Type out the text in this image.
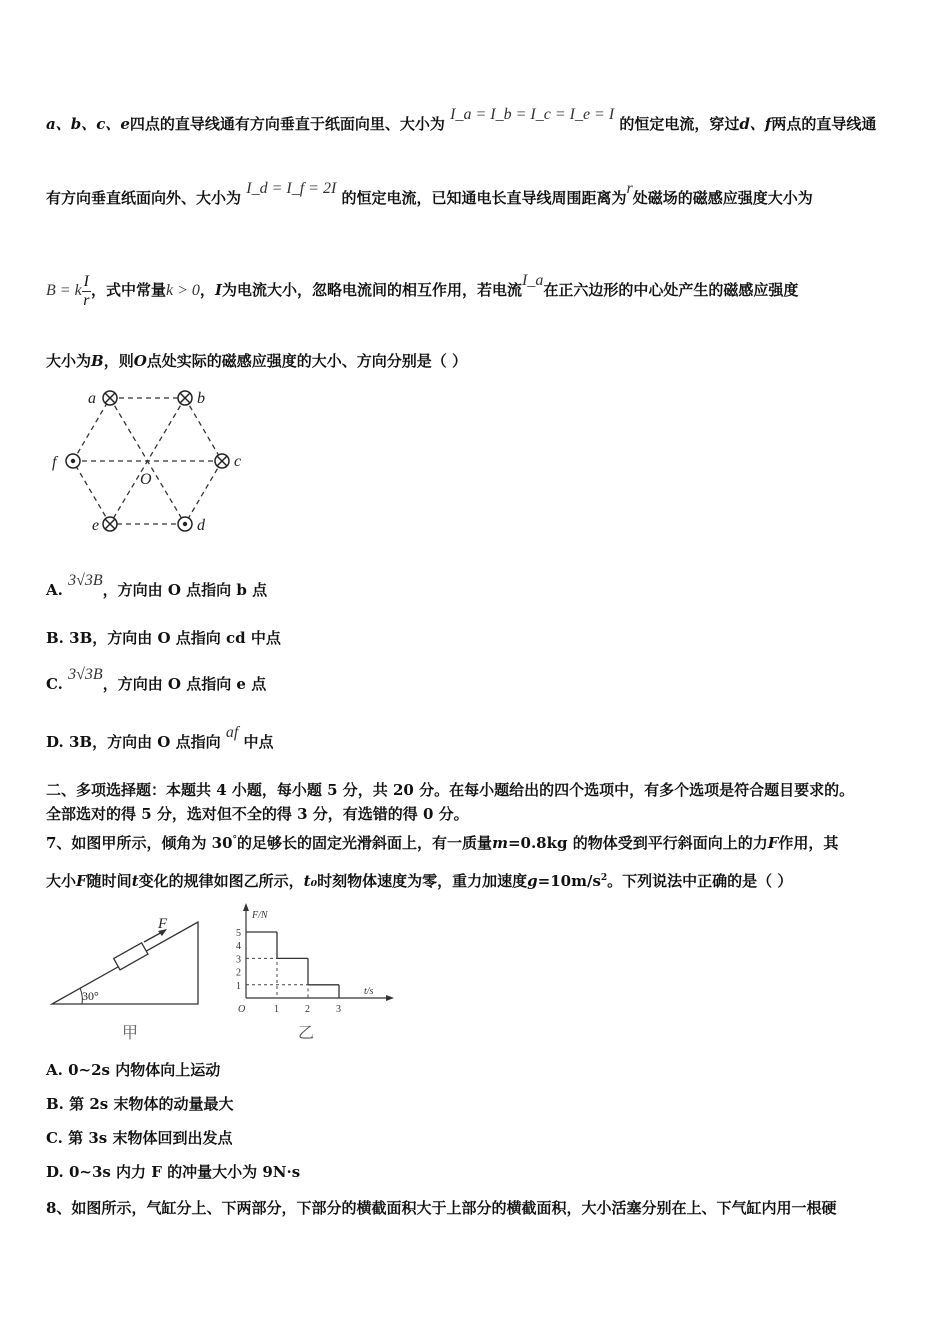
a、b、c、e四点的直导线通有方向垂直于纸面向里、大小为 I_a = I_b = I_c = I_e = I 的恒定电流，穿过d、f两点的直导线通
有方向垂直纸面向外、大小为 I_d = I_f = 2I 的恒定电流，已知通电长直导线周围距离为r处磁场的磁感应强度大小为
B = k $\frac{I}{r}$ ，式中常量k > 0，I为电流大小，忽略电流间的相互作用，若电流I_a在正六边形的中心处产生的磁感应强度
大小为B，则O点处实际的磁感应强度的大小、方向分别是（ ）
a	b
c
d
e
f
O
A. 3√3B，方向由 O 点指向 b 点
B. 3B，方向由 O 点指向 cd 中点
C. 3√3B，方向由 O 点指向 e 点
D. 3B，方向由 O 点指向 af 中点
二、多项选择题：本题共 4 小题，每小题 5 分，共 20 分。在每小题给出的四个选项中，有多个选项是符合题目要求的。
全部选对的得 5 分，选对但不全的得 3 分，有选错的得 0 分。
7、如图甲所示，倾角为 30°的足够长的固定光滑斜面上，有一质量m=0.8kg 的物体受到平行斜面向上的力F作用，其
大小F随时间t变化的规律如图乙所示，t₀时刻物体速度为零，重力加速度$g=10m/s^2$。下列说法中正确的是（ ）
F
30°
甲
1
2
3
4
5
1	2	3
F/N
t/s
O
乙
A. 0~2s 内物体向上运动
B. 第 2s 末物体的动量最大
C. 第 3s 末物体回到出发点
D. 0~3s 内力 F 的冲量大小为 9N·s
8、如图所示，气缸分上、下两部分，下部分的横截面积大于上部分的横截面积，大小活塞分别在上、下气缸内用一根硬
